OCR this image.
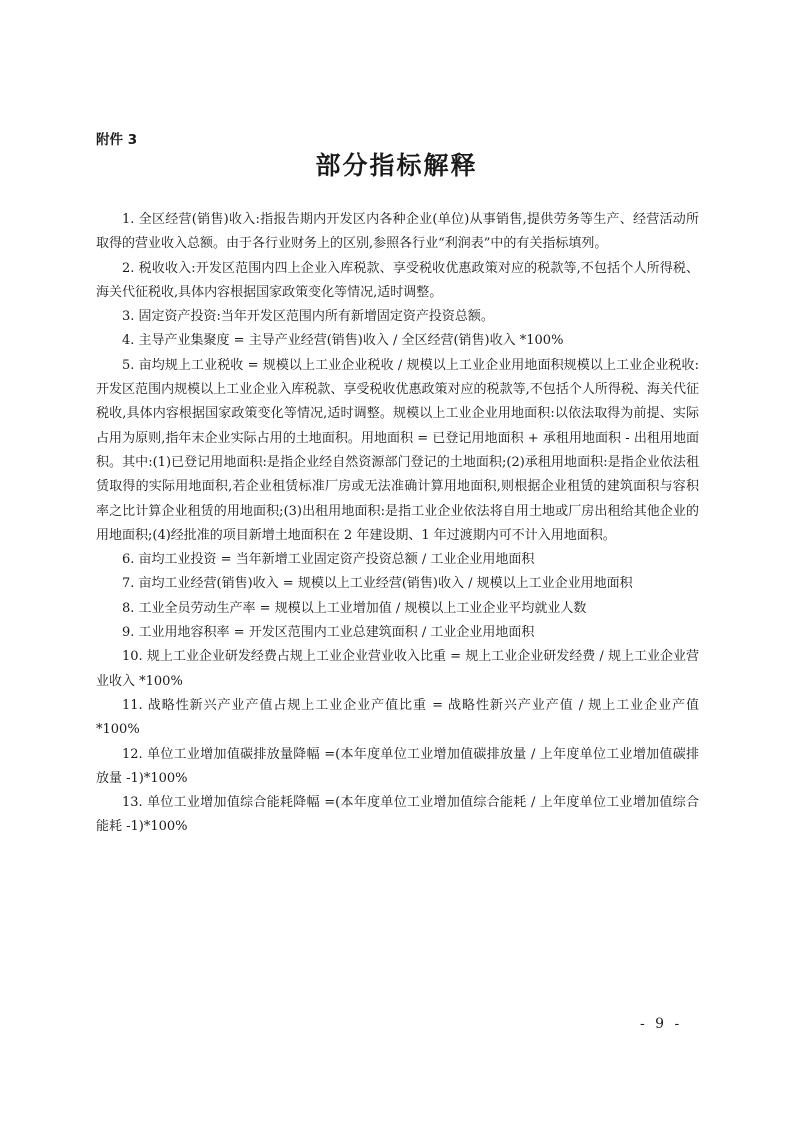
附件 3
部分指标解释

1. 全区经营(销售)收入:指报告期内开发区内各种企业(单位)从事销售,提供劳务等生产、经营活动所取得的营业收入总额。由于各行业财务上的区别,参照各行业“利润表”中的有关指标填列。

2. 税收收入:开发区范围内四上企业入库税款、享受税收优惠政策对应的税款等,不包括个人所得税、海关代征税收,具体内容根据国家政策变化等情况,适时调整。

3. 固定资产投资:当年开发区范围内所有新增固定资产投资总额。

4. 主导产业集聚度 = 主导产业经营(销售)收入 / 全区经营(销售)收入 *100%

5. 亩均规上工业税收 = 规模以上工业企业税收 / 规模以上工业企业用地面积规模以上工业企业税收:开发区范围内规模以上工业企业入库税款、享受税收优惠政策对应的税款等,不包括个人所得税、海关代征税收,具体内容根据国家政策变化等情况,适时调整。规模以上工业企业用地面积:以依法取得为前提、实际占用为原则,指年末企业实际占用的土地面积。用地面积 = 已登记用地面积 + 承租用地面积 - 出租用地面积。其中:(1)已登记用地面积:是指企业经自然资源部门登记的土地面积;(2)承租用地面积:是指企业依法租赁取得的实际用地面积,若企业租赁标准厂房或无法准确计算用地面积,则根据企业租赁的建筑面积与容积率之比计算企业租赁的用地面积;(3)出租用地面积:是指工业企业依法将自用土地或厂房出租给其他企业的用地面积;(4)经批准的项目新增土地面积在 2 年建设期、1 年过渡期内可不计入用地面积。

6. 亩均工业投资 = 当年新增工业固定资产投资总额 / 工业企业用地面积

7. 亩均工业经营(销售)收入 = 规模以上工业经营(销售)收入 / 规模以上工业企业用地面积

8. 工业全员劳动生产率 = 规模以上工业增加值 / 规模以上工业企业平均就业人数

9. 工业用地容积率 = 开发区范围内工业总建筑面积 / 工业企业用地面积

10. 规上工业企业研发经费占规上工业企业营业收入比重 = 规上工业企业研发经费 / 规上工业企业营业收入 *100%

11. 战略性新兴产业产值占规上工业企业产值比重 = 战略性新兴产业产值 / 规上工业企业产值 *100%

12. 单位工业增加值碳排放量降幅 =(本年度单位工业增加值碳排放量 / 上年度单位工业增加值碳排放量 -1)*100%

13. 单位工业增加值综合能耗降幅 =(本年度单位工业增加值综合能耗 / 上年度单位工业增加值综合能耗 -1)*100%

- 9 -
